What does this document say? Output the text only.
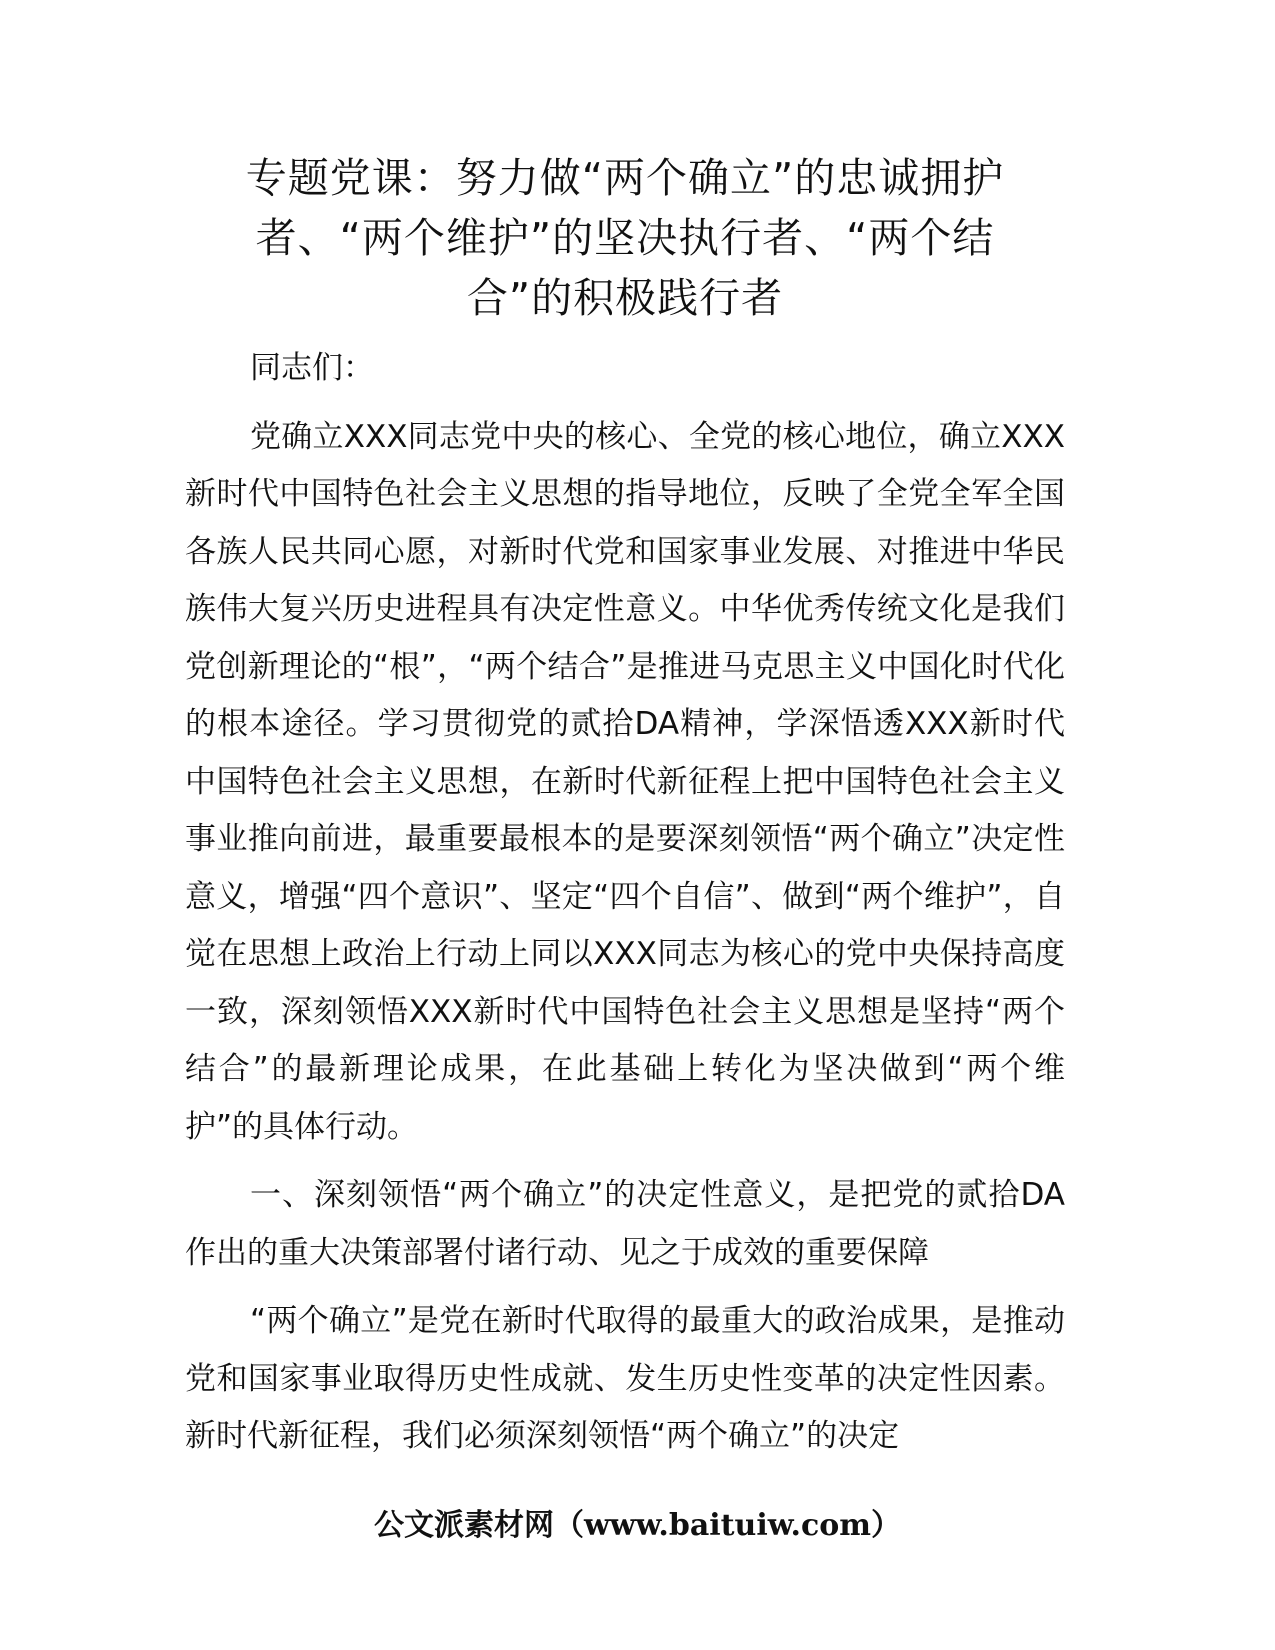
专题党课：努力做“两个确立”的忠诚拥护
者、“两个维护”的坚决执行者、“两个结
合”的积极践行者

同志们：

党确立XXX同志党中央的核心、全党的核心地位，确立XXX新时代中国特色社会主义思想的指导地位，反映了全党全军全国各族人民共同心愿，对新时代党和国家事业发展、对推进中华民族伟大复兴历史进程具有决定性意义。中华优秀传统文化是我们党创新理论的“根”，“两个结合”是推进马克思主义中国化时代化的根本途径。学习贯彻党的贰拾DA精神，学深悟透XXX新时代中国特色社会主义思想，在新时代新征程上把中国特色社会主义事业推向前进，最重要最根本的是要深刻领悟“两个确立”决定性意义，增强“四个意识”、坚定“四个自信”、做到“两个维护”，自觉在思想上政治上行动上同以XXX同志为核心的党中央保持高度一致，深刻领悟XXX新时代中国特色社会主义思想是坚持“两个结合”的最新理论成果，在此基础上转化为坚决做到“两个维护”的具体行动。

一、深刻领悟“两个确立”的决定性意义，是把党的贰拾DA作出的重大决策部署付诸行动、见之于成效的重要保障

“两个确立”是党在新时代取得的最重大的政治成果，是推动党和国家事业取得历史性成就、发生历史性变革的决定性因素。新时代新征程，我们必须深刻领悟“两个确立”的决定

公文派素材网（www.baituiw.com）
